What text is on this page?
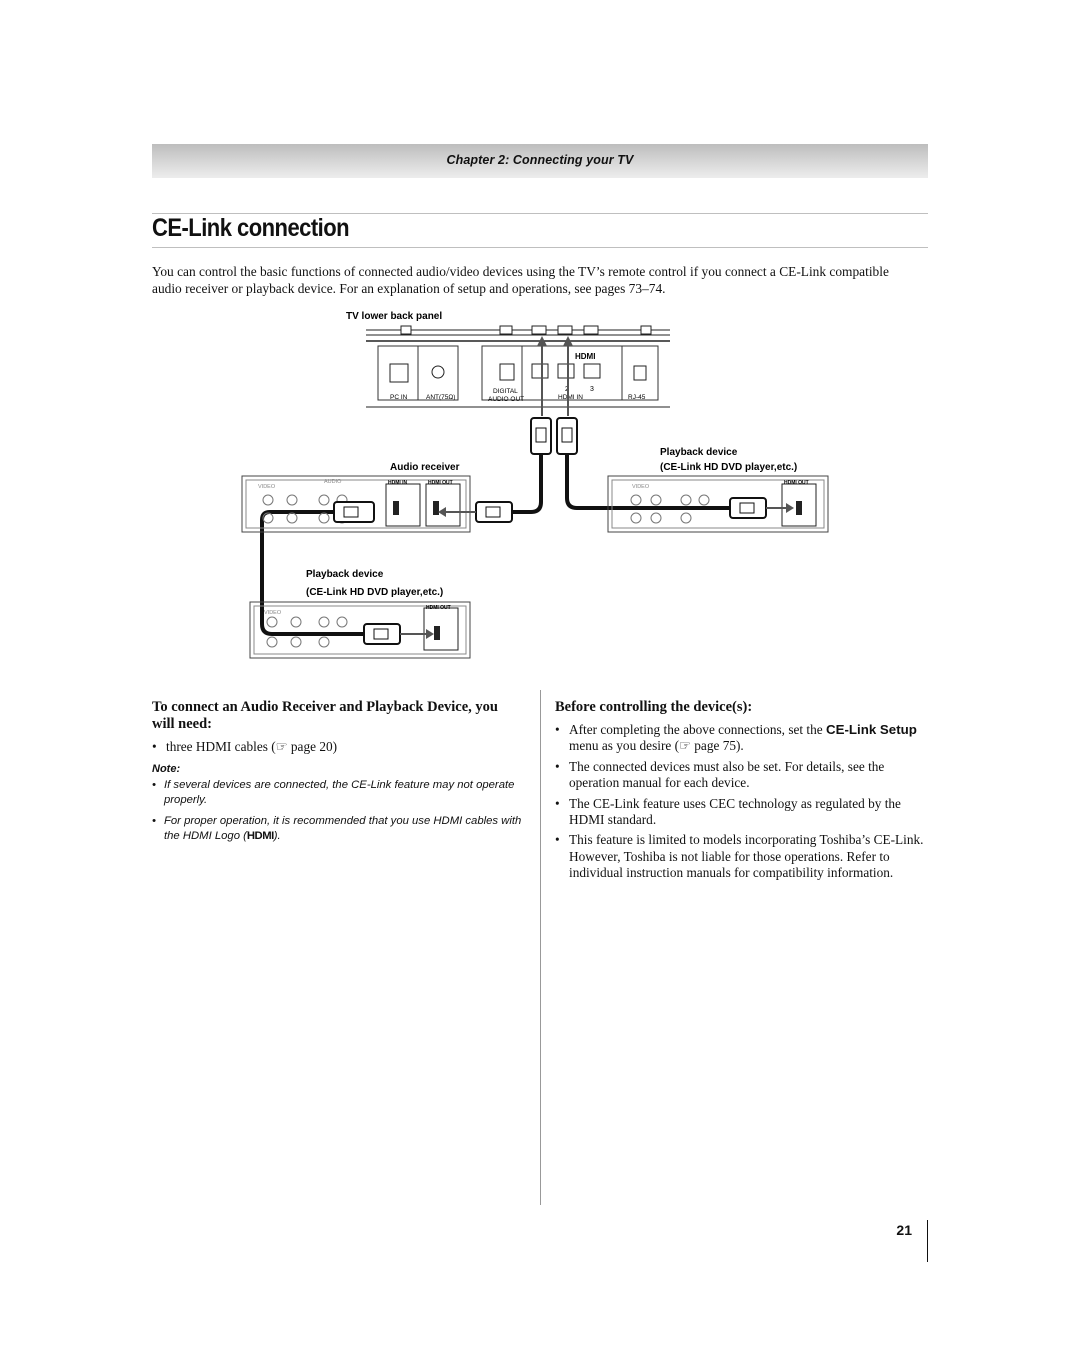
Chapter 2: Connecting your TV
CE-Link connection
You can control the basic functions of connected audio/video devices using the TV’s remote control if you connect a CE-Link compatible audio receiver or playback device. For an explanation of setup and operations, see pages 73–74.
TV lower back panel
HDMI
2	3
PC IN	ANT(75Ω)
DIGITAL
AUDIO OUT	HDMI IN	RJ-45
Audio receiver
VIDEO
AUDIO	HDMI IN	HDMI OUT
Playback device
(CE-Link HD DVD player,etc.)
VIDEO
HDMI OUT
Playback device
(CE-Link HD DVD player,etc.)
VIDEO
HDMI OUT
To connect an Audio Receiver and Playback Device, you will need:
• three HDMI cables (☞ page 20)
Note:
• If several devices are connected, the CE-Link feature may not operate properly.
• For proper operation, it is recommended that you use HDMI cables with the HDMI Logo (HDMI).
Before controlling the device(s):
• After completing the above connections, set the CE-Link Setup menu as you desire (☞ page 75).
• The connected devices must also be set. For details, see the operation manual for each device.
• The CE-Link feature uses CEC technology as regulated by the HDMI standard.
• This feature is limited to models incorporating Toshiba’s CE-Link. However, Toshiba is not liable for those operations. Refer to individual instruction manuals for compatibility information.
21
